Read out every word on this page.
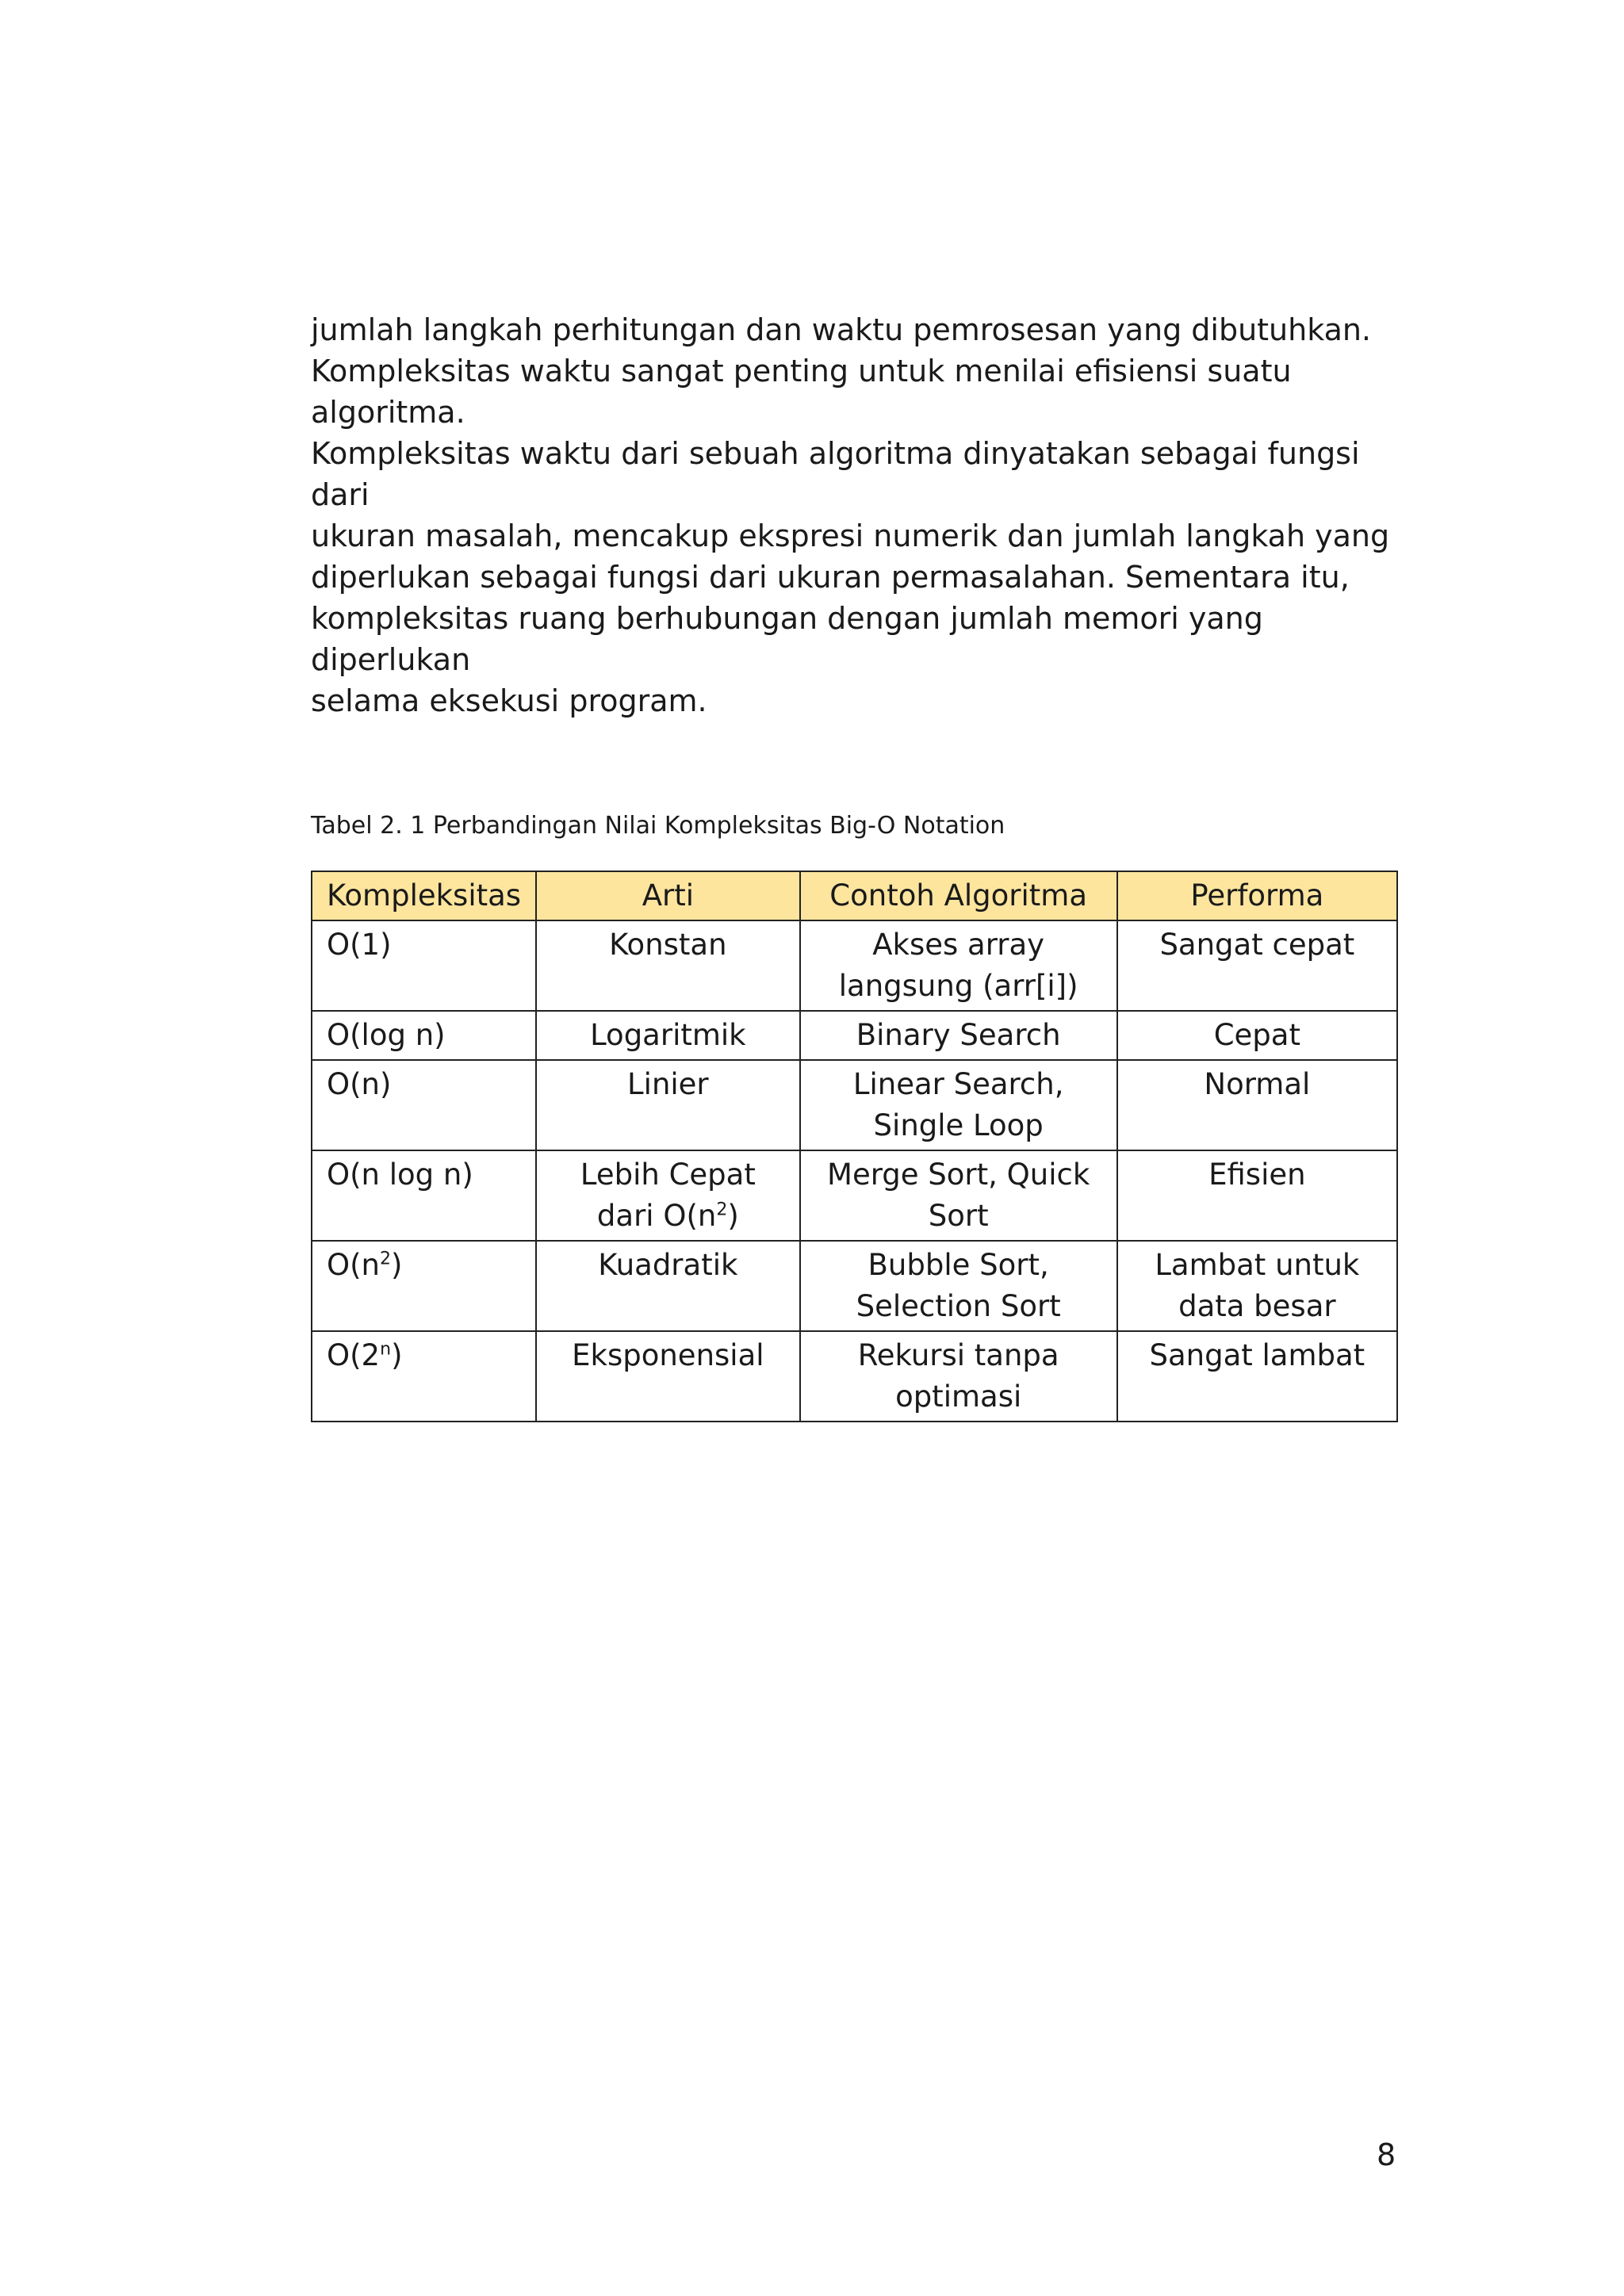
jumlah langkah perhitungan dan waktu pemrosesan yang dibutuhkan.

Kompleksitas waktu sangat penting untuk menilai efisiensi suatu algoritma.

Kompleksitas waktu dari sebuah algoritma dinyatakan sebagai fungsi dari

ukuran masalah, mencakup ekspresi numerik dan jumlah langkah yang

diperlukan sebagai fungsi dari ukuran permasalahan. Sementara itu,

kompleksitas ruang berhubungan dengan jumlah memori yang diperlukan

selama eksekusi program.

Tabel 2. 1 Perbandingan Nilai Kompleksitas Big-O Notation
Kompleksitas	Arti	Contoh Algoritma	Performa
O(1)	Konstan	Akses array langsung (arr[i])	Sangat cepat
O(log n)	Logaritmik	Binary Search	Cepat
O(n)	Linier	Linear Search, Single Loop	Normal
O(n log n)	Lebih Cepat dari $O(n^2)$	Merge Sort, Quick Sort	Efisien
$O(n^2)$	Kuadratik	Bubble Sort, Selection Sort	Lambat untuk data besar
O(2$^n$)	Eksponensial	Rekursi tanpa optimasi	Sangat lambat
8
